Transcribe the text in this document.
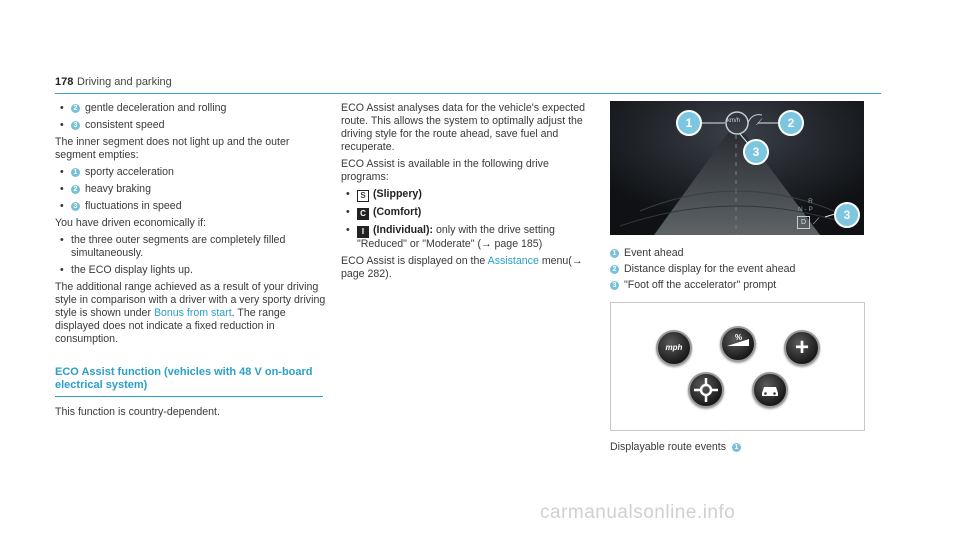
178 Driving and parking
• 2 gentle deceleration and rolling
• 3 consistent speed

The inner segment does not light up and the outer segment empties:

• 1 sporty acceleration
• 2 heavy braking
• 3 fluctuations in speed

You have driven economically if:

• the three outer segments are completely filled simultaneously.
• the ECO display lights up.

The additional range achieved as a result of your driving style in comparison with a driver with a very sporty driving style is shown under Bonus from start. The range displayed does not indicate a fixed reduction in consumption.

ECO Assist function (vehicles with 48 V on-board electrical system)

This function is country-dependent.

ECO Assist analyses data for the vehicle's expected route. This allows the system to optimally adjust the driving style for the route ahead, save fuel and recuperate.

ECO Assist is available in the following drive programs:

• S (Slippery)
• C (Comfort)
• I (Individual): only with the drive setting "Reduced" or "Moderate" (→ page 185)

ECO Assist is displayed on the Assistance menu(→ page 282).

km/h ⟋
R
N - P
D ⟋
1	2
3
3
1 Event ahead
2 Distance display for the event ahead
3 "Foot off the accelerator" prompt
mph
%	+
Displayable route events 1
carmanualsonline.info
